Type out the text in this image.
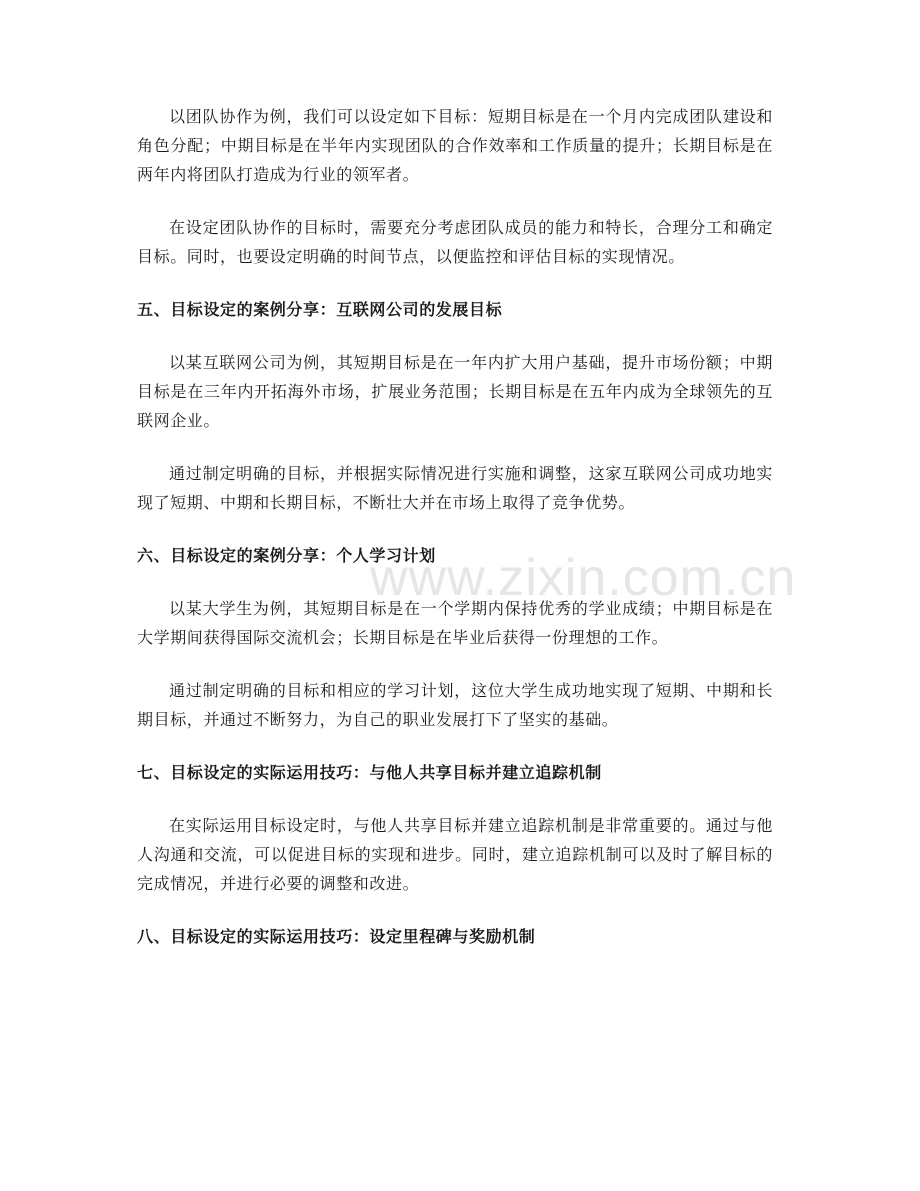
www.zixin.com.cn

以团队协作为例，我们可以设定如下目标：短期目标是在一个月内完成团队建设和角色分配；中期目标是在半年内实现团队的合作效率和工作质量的提升；长期目标是在两年内将团队打造成为行业的领军者。

在设定团队协作的目标时，需要充分考虑团队成员的能力和特长，合理分工和确定目标。同时，也要设定明确的时间节点，以便监控和评估目标的实现情况。

五、目标设定的案例分享：互联网公司的发展目标

以某互联网公司为例，其短期目标是在一年内扩大用户基础，提升市场份额；中期目标是在三年内开拓海外市场，扩展业务范围；长期目标是在五年内成为全球领先的互联网企业。

通过制定明确的目标，并根据实际情况进行实施和调整，这家互联网公司成功地实现了短期、中期和长期目标，不断壮大并在市场上取得了竞争优势。

六、目标设定的案例分享：个人学习计划

以某大学生为例，其短期目标是在一个学期内保持优秀的学业成绩；中期目标是在大学期间获得国际交流机会；长期目标是在毕业后获得一份理想的工作。

通过制定明确的目标和相应的学习计划，这位大学生成功地实现了短期、中期和长期目标，并通过不断努力，为自己的职业发展打下了坚实的基础。

七、目标设定的实际运用技巧：与他人共享目标并建立追踪机制

在实际运用目标设定时，与他人共享目标并建立追踪机制是非常重要的。通过与他人沟通和交流，可以促进目标的实现和进步。同时，建立追踪机制可以及时了解目标的完成情况，并进行必要的调整和改进。

八、目标设定的实际运用技巧：设定里程碑与奖励机制
